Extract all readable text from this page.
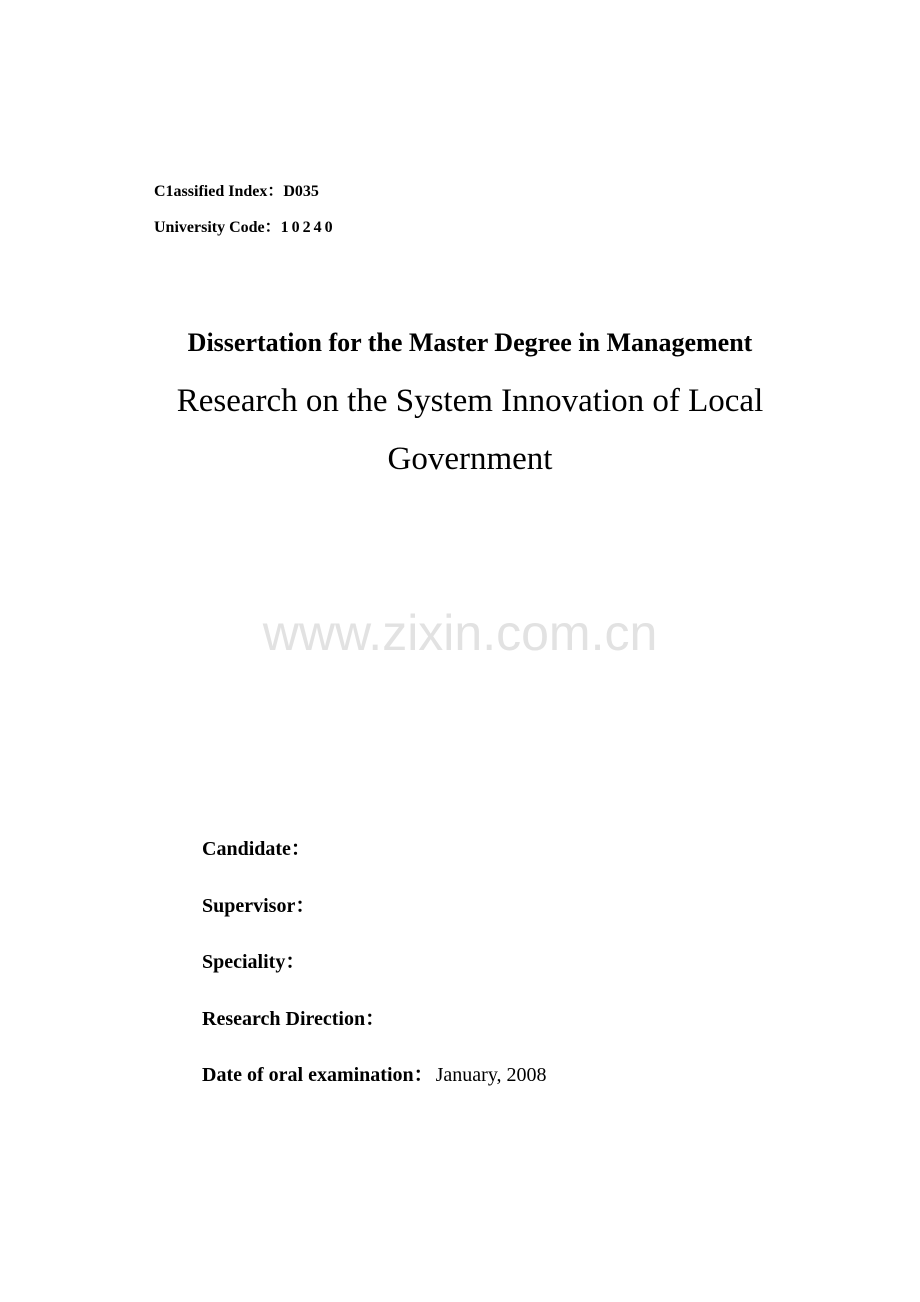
C1assified Index：D035
University Code：10240
Dissertation for the Master Degree in Management
Research on the System Innovation of Local Government
www.zixin.com.cn
Candidate：
Supervisor：
Speciality：
Research Direction：
Date of oral examination： January, 2008
